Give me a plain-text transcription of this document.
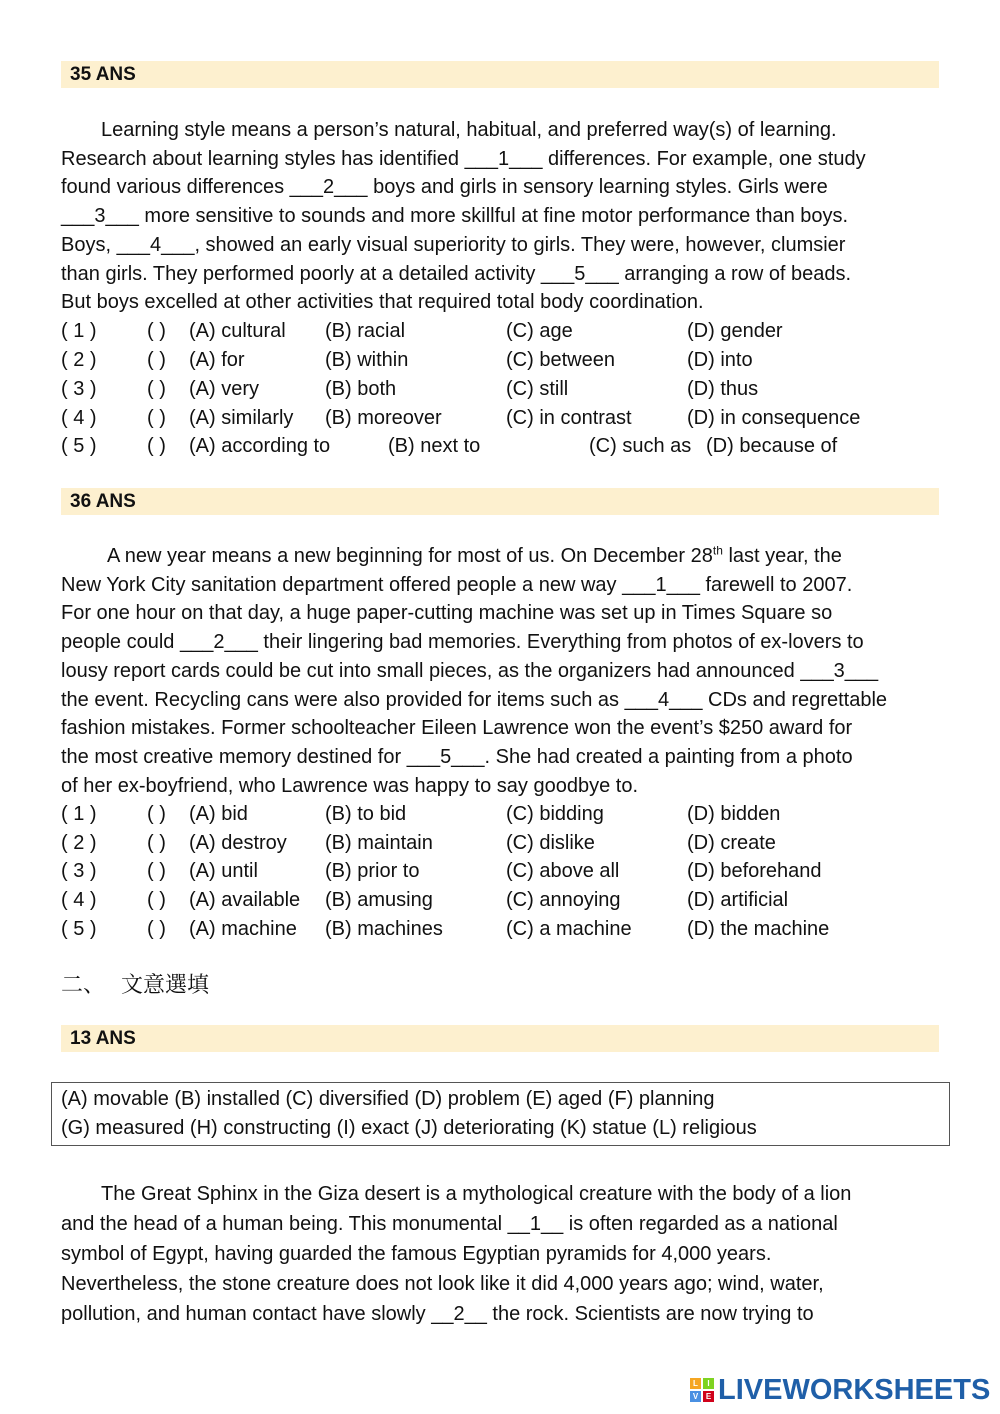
35 ANS
Learning style means a person’s natural, habitual, and preferred way(s) of learning.
Research about learning styles has identified ___1___ differences. For example, one study
found various differences ___2___ boys and girls in sensory learning styles. Girls were
___3___ more sensitive to sounds and more skillful at fine motor performance than boys.
Boys, ___4___, showed an early visual superiority to girls. They were, however, clumsier
than girls. They performed poorly at a detailed activity ___5___ arranging a row of beads.
But boys excelled at other activities that required total body coordination.
( 1 )	( ) (A) cultural (B) racial	(C) age	(D) gender
( 2 )	( ) (A) for	(B) within	(C) between	(D) into
( 3 )	( ) (A) very	(B) both	(C) still	(D) thus
( 4 )	( ) (A) similarly (B) moreover	(C) in contrast	(D) in consequence
( 5 )	( ) (A) according to	(B) next to	(C) such as (D) because of
36 ANS
A new year means a new beginning for most of us. On December 28th last year, the
New York City sanitation department offered people a new way ___1___ farewell to 2007.
For one hour on that day, a huge paper-cutting machine was set up in Times Square so
people could ___2___ their lingering bad memories. Everything from photos of ex-lovers to
lousy report cards could be cut into small pieces, as the organizers had announced ___3___
the event. Recycling cans were also provided for items such as ___4___ CDs and regrettable
fashion mistakes. Former schoolteacher Eileen Lawrence won the event’s $250 award for
the most creative memory destined for ___5___. She had created a painting from a photo
of her ex-boyfriend, who Lawrence was happy to say goodbye to.
( 1 )	( ) (A) bid	(B) to bid	(C) bidding	(D) bidden
( 2 )	( ) (A) destroy (B) maintain	(C) dislike	(D) create
( 3 )	( ) (A) until	(B) prior to	(C) above all	(D) beforehand
( 4 )	( ) (A) available (B) amusing	(C) annoying	(D) artificial
( 5 )	( ) (A) machine (B) machines	(C) a machine	(D) the machine
二、 文意選填
13 ANS
(A) movable (B) installed (C) diversified (D) problem (E) aged (F) planning
(G) measured (H) constructing (I) exact (J) deteriorating (K) statue (L) religious
The Great Sphinx in the Giza desert is a mythological creature with the body of a lion
and the head of a human being. This monumental __1__ is often regarded as a national
symbol of Egypt, having guarded the famous Egyptian pyramids for 4,000 years.
Nevertheless, the stone creature does not look like it did 4,000 years ago; wind, water,
pollution, and human contact have slowly __2__ the rock. Scientists are now trying to
L	I
V E LIVEWORKSHEETS
